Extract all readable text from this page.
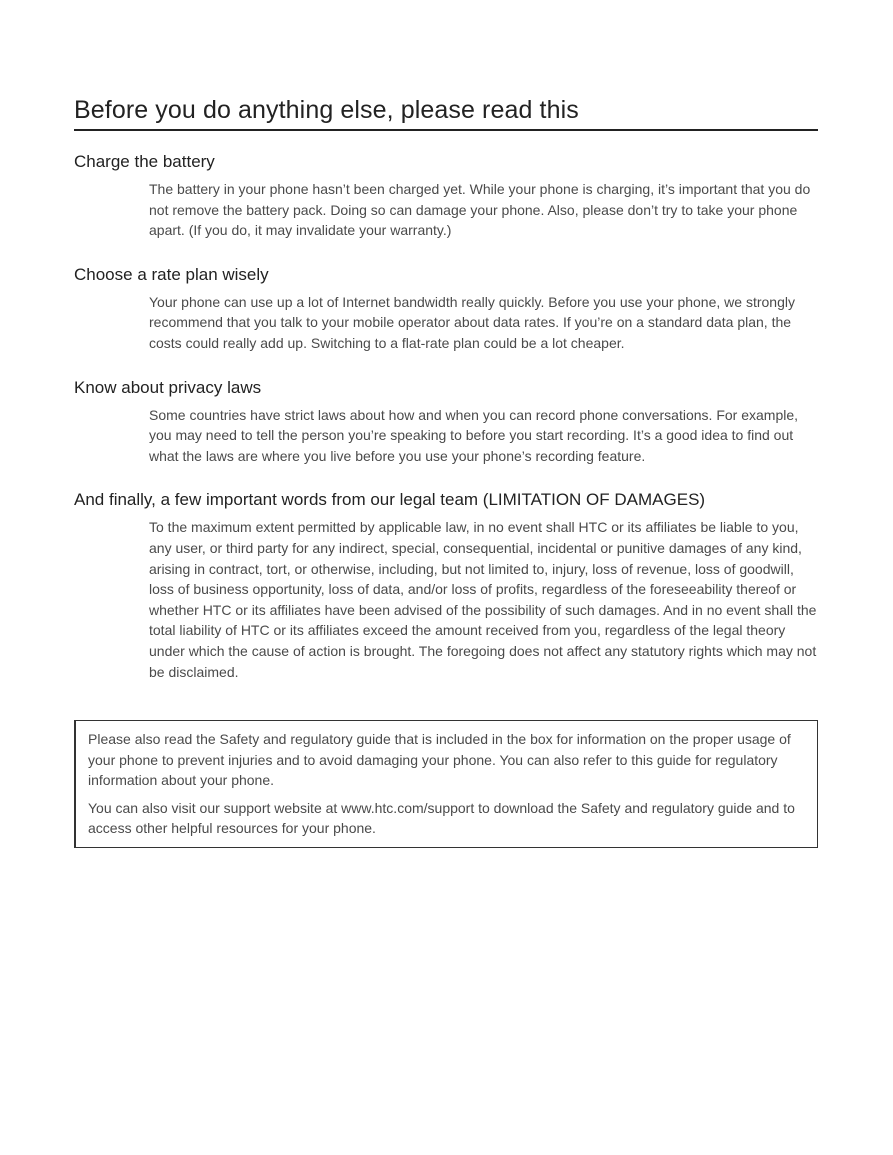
Before you do anything else, please read this
Charge the battery

The battery in your phone hasn’t been charged yet. While your phone is charging, it’s important that you do not remove the battery pack. Doing so can damage your phone. Also, please don’t try to take your phone apart. (If you do, it may invalidate your warranty.)

Choose a rate plan wisely

Your phone can use up a lot of Internet bandwidth really quickly. Before you use your phone, we strongly recommend that you talk to your mobile operator about data rates. If you’re on a standard data plan, the costs could really add up. Switching to a flat-rate plan could be a lot cheaper.

Know about privacy laws

Some countries have strict laws about how and when you can record phone conversations. For example, you may need to tell the person you’re speaking to before you start recording. It’s a good idea to find out what the laws are where you live before you use your phone’s recording feature.

And finally, a few important words from our legal team (LIMITATION OF DAMAGES)

To the maximum extent permitted by applicable law, in no event shall HTC or its affiliates be liable to you, any user, or third party for any indirect, special, consequential, incidental or punitive damages of any kind, arising in contract, tort, or otherwise, including, but not limited to, injury, loss of revenue, loss of goodwill, loss of business opportunity, loss of data, and/or loss of profits, regardless of the foreseeability thereof or whether HTC or its affiliates have been advised of the possibility of such damages. And in no event shall the total liability of HTC or its affiliates exceed the amount received from you, regardless of the legal theory under which the cause of action is brought. The foregoing does not affect any statutory rights which may not be disclaimed.

Please also read the Safety and regulatory guide that is included in the box for information on the proper usage of your phone to prevent injuries and to avoid damaging your phone. You can also refer to this guide for regulatory information about your phone.

You can also visit our support website at www.htc.com/support to download the Safety and regulatory guide and to access other helpful resources for your phone.
